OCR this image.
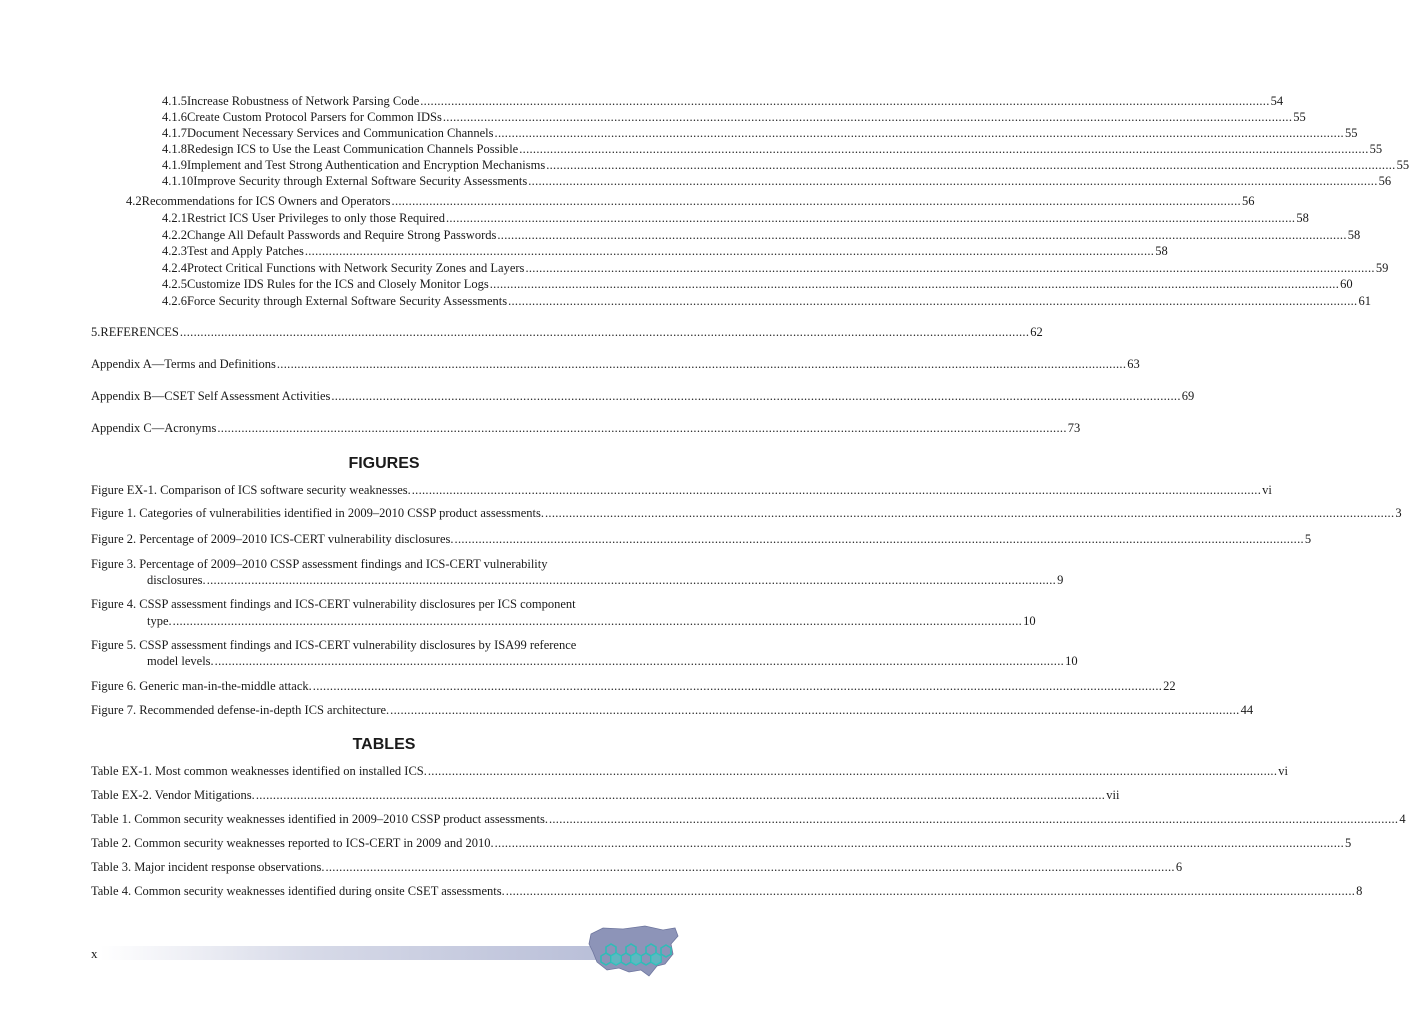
4.1.5 Increase Robustness of Network Parsing Code .....	54
4.1.6 Create Custom Protocol Parsers for Common IDSs .....	55
4.1.7 Document Necessary Services and Communication Channels .....	55
4.1.8 Redesign ICS to Use the Least Communication Channels Possible .....	55
4.1.9 Implement and Test Strong Authentication and Encryption Mechanisms .....	55
4.1.10 Improve Security through External Software Security Assessments .....	56
4.2 Recommendations for ICS Owners and Operators .....	56
4.2.1 Restrict ICS User Privileges to only those Required .....	58
4.2.2 Change All Default Passwords and Require Strong Passwords .....	58
4.2.3 Test and Apply Patches .....	58
4.2.4 Protect Critical Functions with Network Security Zones and Layers .....	59
4.2.5 Customize IDS Rules for the ICS and Closely Monitor Logs .....	60
4.2.6 Force Security through External Software Security Assessments .....	61
5. REFERENCES .....	62
Appendix A—Terms and Definitions .....	63
Appendix B—CSET Self Assessment Activities .....	69
Appendix C—Acronyms .....	73
FIGURES
Figure EX-1. Comparison of ICS software security weaknesses. .....	vi
Figure 1. Categories of vulnerabilities identified in 2009–2010 CSSP product assessments. .....	3
Figure 2. Percentage of 2009–2010 ICS-CERT vulnerability disclosures. .....	5
Figure 3. Percentage of 2009–2010 CSSP assessment findings and ICS-CERT vulnerability
disclosures. .....	9
Figure 4. CSSP assessment findings and ICS-CERT vulnerability disclosures per ICS component
type. .....	10
Figure 5. CSSP assessment findings and ICS-CERT vulnerability disclosures by ISA99 reference
model levels. .....	10
Figure 6. Generic man-in-the-middle attack. .....	22
Figure 7. Recommended defense-in-depth ICS architecture. .....	44
TABLES
Table EX-1. Most common weaknesses identified on installed ICS. .....	vi
Table EX-2. Vendor Mitigations. .....	vii
Table 1. Common security weaknesses identified in 2009–2010 CSSP product assessments. .....	4
Table 2. Common security weaknesses reported to ICS-CERT in 2009 and 2010. .....	5
Table 3. Major incident response observations. .....	6
Table 4. Common security weaknesses identified during onsite CSET assessments. .....	8
x
